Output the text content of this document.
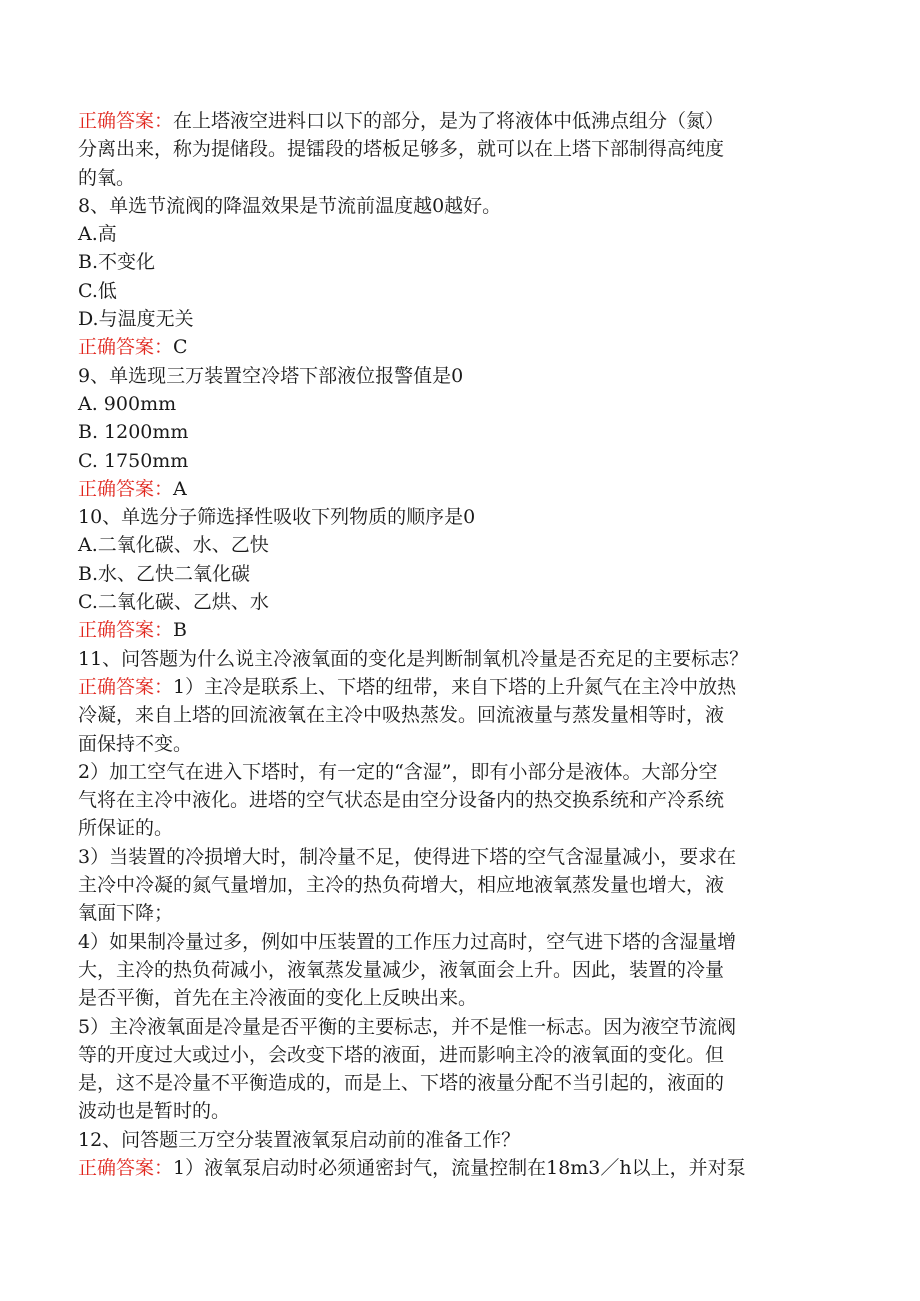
正确答案：在上塔液空进料口以下的部分，是为了将液体中低沸点组分（氮）
分离出来，称为提储段。提镭段的塔板足够多，就可以在上塔下部制得高纯度
的氧。
8、单选节流阀的降温效果是节流前温度越0越好。
A.高
B.不变化
C.低
D.与温度无关
正确答案：C
9、单选现三万装置空冷塔下部液位报警值是0
A. 900mm
B. 1200mm
C. 1750mm
正确答案：A
10、单选分子筛选择性吸收下列物质的顺序是0
A.二氧化碳、水、乙快
B.水、乙快二氧化碳
C.二氧化碳、乙烘、水
正确答案：B
11、问答题为什么说主冷液氧面的变化是判断制氧机冷量是否充足的主要标志？
正确答案：1）主冷是联系上、下塔的纽带，来自下塔的上升氮气在主冷中放热
冷凝，来自上塔的回流液氧在主冷中吸热蒸发。回流液量与蒸发量相等时，液
面保持不变。
2）加工空气在进入下塔时，有一定的“含湿”，即有小部分是液体。大部分空
气将在主冷中液化。进塔的空气状态是由空分设备内的热交换系统和产冷系统
所保证的。
3）当装置的冷损增大时，制冷量不足，使得进下塔的空气含湿量减小，要求在
主冷中冷凝的氮气量增加，主冷的热负荷增大，相应地液氧蒸发量也增大，液
氧面下降；
4）如果制冷量过多，例如中压装置的工作压力过高时，空气进下塔的含湿量增
大，主冷的热负荷减小，液氧蒸发量减少，液氧面会上升。因此，装置的冷量
是否平衡，首先在主冷液面的变化上反映出来。
5）主冷液氧面是冷量是否平衡的主要标志，并不是惟一标志。因为液空节流阀
等的开度过大或过小，会改变下塔的液面，进而影响主冷的液氧面的变化。但
是，这不是冷量不平衡造成的，而是上、下塔的液量分配不当引起的，液面的
波动也是暂时的。
12、问答题三万空分装置液氧泵启动前的准备工作？
正确答案：1）液氧泵启动时必须通密封气，流量控制在18m3／h以上，并对泵
